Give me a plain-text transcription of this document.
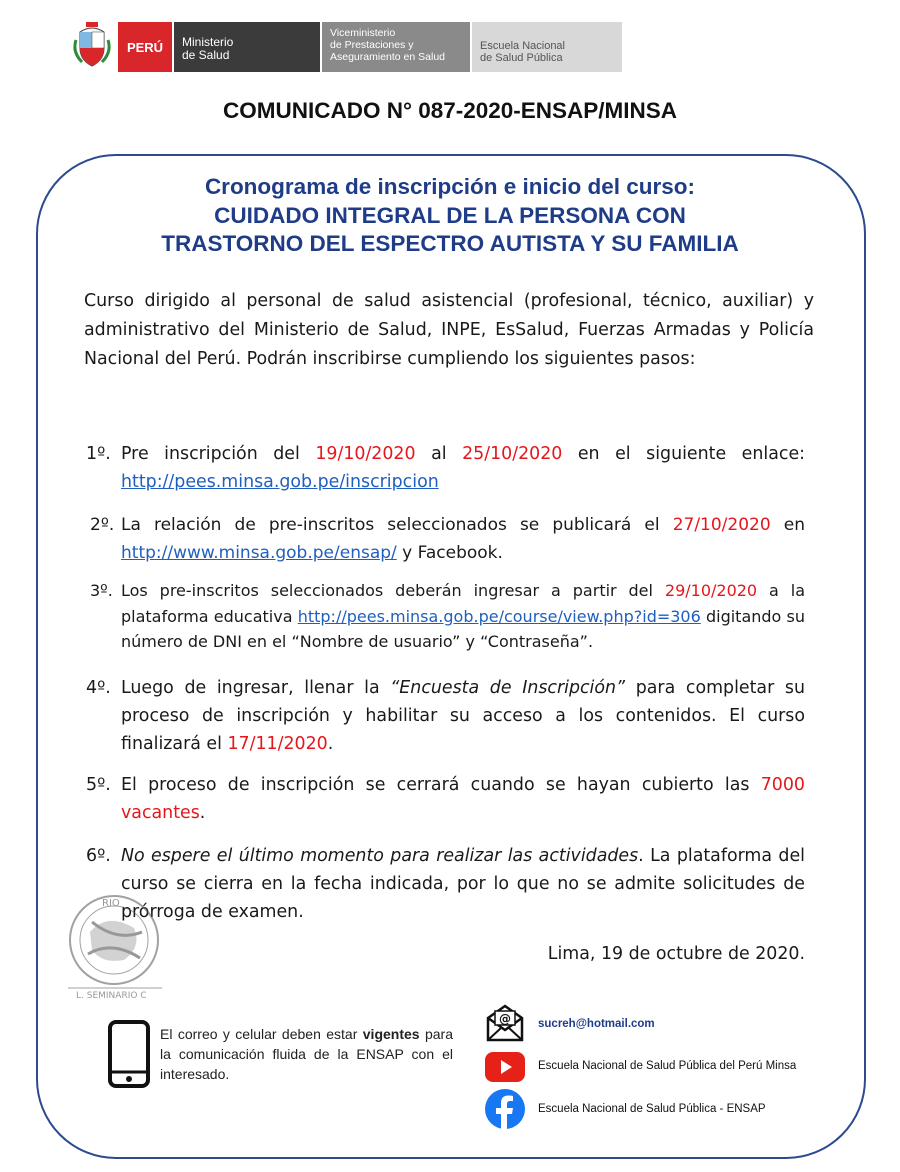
PERÚ	Ministerio
de Salud
Viceministerio
de Prestaciones y
Aseguramiento en Salud
Escuela Nacional
de Salud Pública
COMUNICADO N° 087-2020-ENSAP/MINSA
Cronograma de inscripción e inicio del curso:
CUIDADO INTEGRAL DE LA PERSONA CON
TRASTORNO DEL ESPECTRO AUTISTA Y SU FAMILIA
Curso dirigido al personal de salud asistencial (profesional, técnico, auxiliar) y administrativo del Ministerio de Salud, INPE, EsSalud, Fuerzas Armadas y Policía Nacional del Perú. Podrán inscribirse cumpliendo los siguientes pasos:
1º. Pre inscripción del 19/10/2020 al 25/10/2020 en el siguiente enlace: http://pees.minsa.gob.pe/inscripcion
2º. La relación de pre-inscritos seleccionados se publicará el 27/10/2020 en http://www.minsa.gob.pe/ensap/ y Facebook.
3º. Los pre-inscritos seleccionados deberán ingresar a partir del 29/10/2020 a la plataforma educativa http://pees.minsa.gob.pe/course/view.php?id=306 digitando su número de DNI en el “Nombre de usuario” y “Contraseña”.
4º. Luego de ingresar, llenar la “Encuesta de Inscripción” para completar su proceso de inscripción y habilitar su acceso a los contenidos. El curso finalizará el 17/11/2020.
5º. El proceso de inscripción se cerrará cuando se hayan cubierto las 7000 vacantes.
6º. No espere el último momento para realizar las actividades. La plataforma del curso se cierra en la fecha indicada, por lo que no se admite solicitudes de prórroga de examen.
RIO
L. SEMINARIO C
Lima, 19 de octubre de 2020.
El correo y celular deben estar vigentes para la comunicación fluida de la ENSAP con el interesado.
@ sucreh@hotmail.com
Escuela Nacional de Salud Pública del Perú Minsa
Escuela Nacional de Salud Pública - ENSAP
